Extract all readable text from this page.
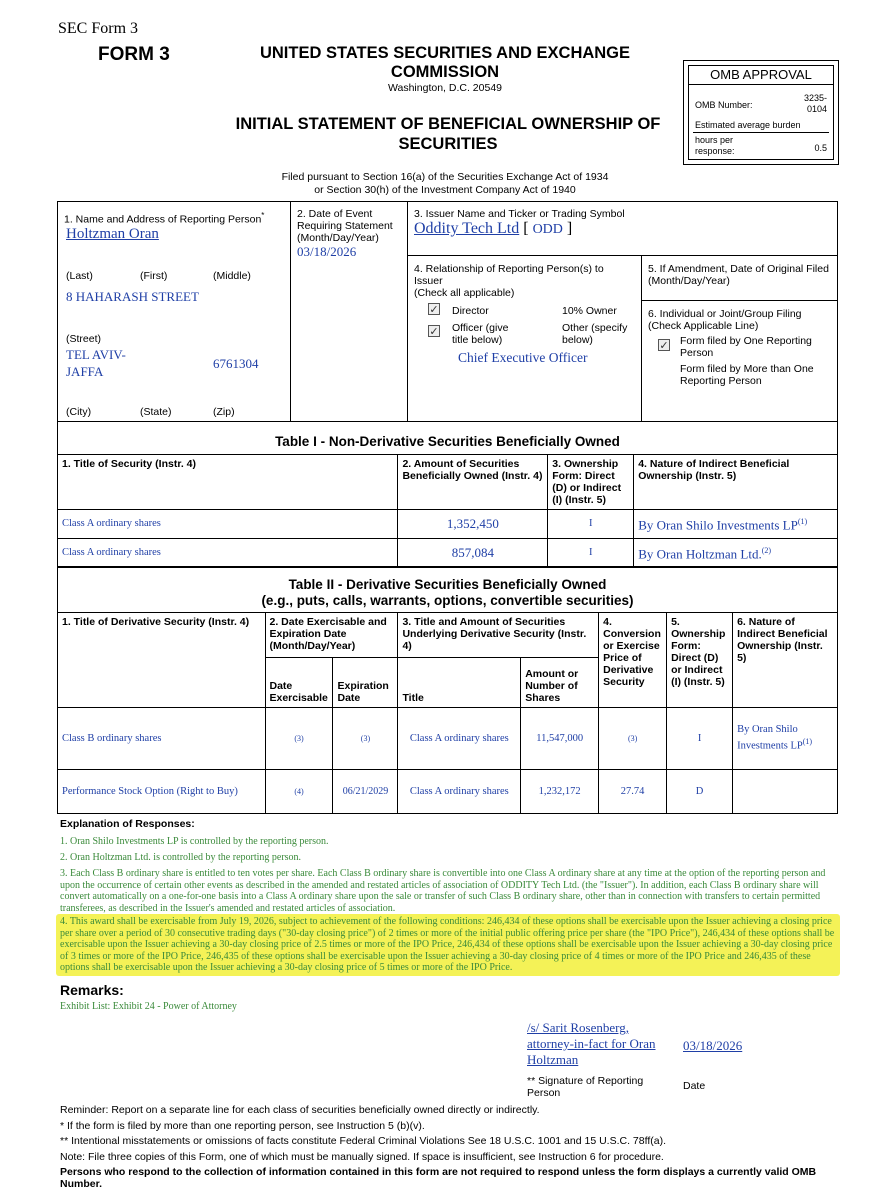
SEC Form 3
FORM 3	UNITED STATES SECURITIES AND EXCHANGE
COMMISSION
Washington, D.C. 20549
INITIAL STATEMENT OF BENEFICIAL OWNERSHIP OF
SECURITIES
Filed pursuant to Section 16(a) of the Securities Exchange Act of 1934
or Section 30(h) of the Investment Company Act of 1940
OMB APPROVAL
OMB Number:
3235-0104
Estimated average burden
hours per response:	0.5
1. Name and Address of Reporting Person*
Holtzman Oran
(Last)	(First)	(Middle)
8 HAHARASH STREET
(Street)
TEL AVIV-JAFFA
6761304
(City)	(State)	(Zip)
2. Date of Event Requiring Statement (Month/Day/Year)
03/18/2026
3. Issuer Name and Ticker or Trading Symbol
Oddity Tech Ltd [ ODD ]
4. Relationship of Reporting Person(s) to Issuer
(Check all applicable)
✓ Director	10% Owner
✓ Officer (give title below)
Other (specify below)
Chief Executive Officer
5. If Amendment, Date of Original Filed (Month/Day/Year)
6. Individual or Joint/Group Filing (Check Applicable Line)
✓ Form filed by One Reporting Person
Form filed by More than One Reporting Person
Table I - Non-Derivative Securities Beneficially Owned			
1. Title of Security (Instr. 4)	2. Amount of Securities Beneficially Owned (Instr. 4)	3. Ownership Form: Direct (D) or Indirect (I) (Instr. 5)	4. Nature of Indirect Beneficial Ownership (Instr. 5)
Class A ordinary shares	1,352,450	I	By Oran Shilo Investments LP$^{(1)}$
Class A ordinary shares	857,084	I	By Oran Holtzman Ltd.$^{(2)}$
Table II - Derivative Securities Beneficially Owned
(e.g., puts, calls, warrants, options, convertible securities)							

1. Title of Derivative Security (Instr. 4)	2. Date Exercisable and Expiration Date (Month/Day/Year)		3. Title and Amount of Securities Underlying Derivative Security (Instr. 4)		4. Conversion or Exercise Price of Derivative Security	5. Ownership Form: Direct (D) or Indirect (I) (Instr. 5)	6. Nature of Indirect Beneficial Ownership (Instr. 5)
	Date Exercisable	Expiration Date	Title	Amount or Number of Shares			
Class B ordinary shares	(3)	(3)	Class A ordinary shares	11,547,000	(3)	I	By Oran Shilo Investments LP$^{(1)}$
Performance Stock Option (Right to Buy)	(4)	06/21/2029	Class A ordinary shares	1,232,172	27.74	D	
Explanation of Responses:
1. Oran Shilo Investments LP is controlled by the reporting person.
2. Oran Holtzman Ltd. is controlled by the reporting person.
3. Each Class B ordinary share is entitled to ten votes per share. Each Class B ordinary share is convertible into one Class A ordinary share at any time at the option of the reporting person and upon the occurrence of certain other events as described in the amended and restated articles of association of ODDITY Tech Ltd. (the "Issuer"). In addition, each Class B ordinary share will convert automatically on a one-for-one basis into a Class A ordinary share upon the sale or transfer of such Class B ordinary share, other than in connection with transfers to certain permitted transferees, as described in the Issuer's amended and restated articles of association.
4. This award shall be exercisable from July 19, 2026, subject to achievement of the following conditions: 246,434 of these options shall be exercisable upon the Issuer achieving a closing price per share over a period of 30 consecutive trading days ("30-day closing price") of 2 times or more of the initial public offering price per share (the "IPO Price"), 246,434 of these options shall be exercisable upon the Issuer achieving a 30-day closing price of 2.5 times or more of the IPO Price, 246,434 of these options shall be exercisable upon the Issuer achieving a 30-day closing price of 3 times or more of the IPO Price, 246,435 of these options shall be exercisable upon the Issuer achieving a 30-day closing price of 4 times or more of the IPO Price and 246,435 of these options shall be exercisable upon the Issuer achieving a 30-day closing price of 5 times or more of the IPO Price.
Remarks:
Exhibit List: Exhibit 24 - Power of Attorney
/s/ Sarit Rosenberg, attorney-in-fact for Oran Holtzman
03/18/2026
** Signature of Reporting Person
Date
Reminder: Report on a separate line for each class of securities beneficially owned directly or indirectly.
* If the form is filed by more than one reporting person, see Instruction 5 (b)(v).
** Intentional misstatements or omissions of facts constitute Federal Criminal Violations See 18 U.S.C. 1001 and 15 U.S.C. 78ff(a).
Note: File three copies of this Form, one of which must be manually signed. If space is insufficient, see Instruction 6 for procedure.
Persons who respond to the collection of information contained in this form are not required to respond unless the form displays a currently valid OMB Number.
